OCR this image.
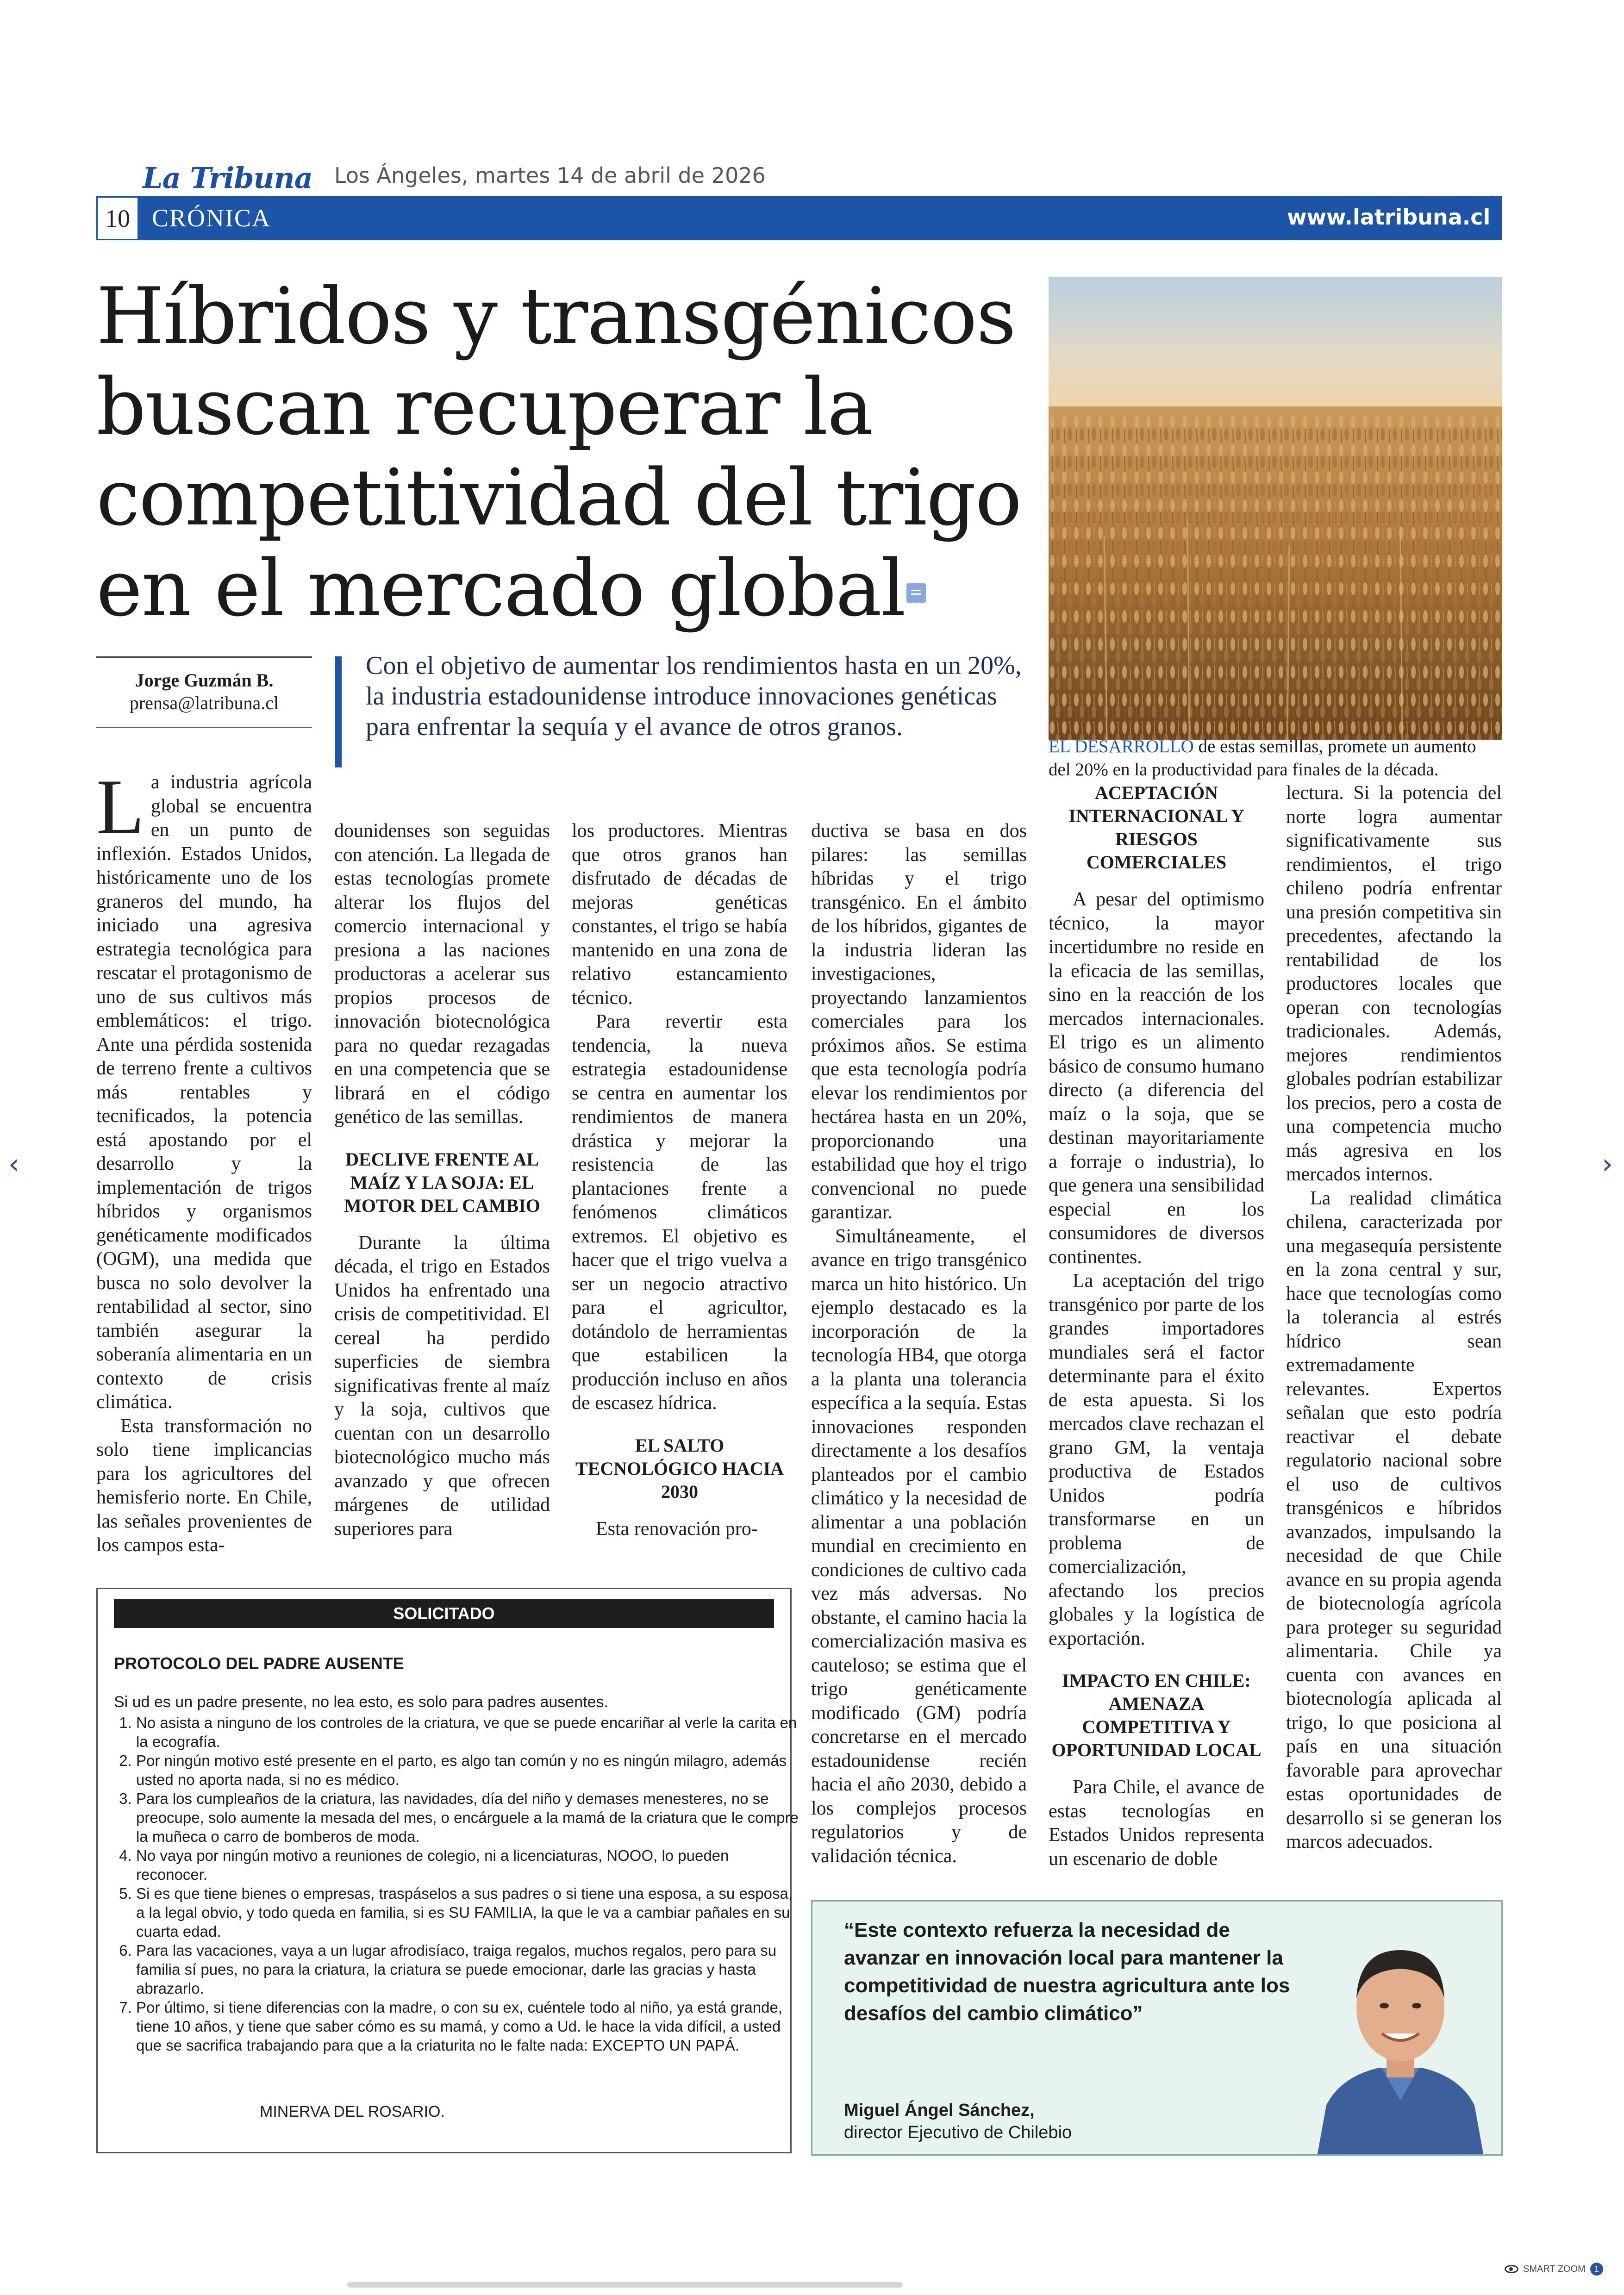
La Tribuna Los Ángeles, martes 14 de abril de 2026
10 CRÓNICA	www.latribuna.cl
Híbridos y transgénicos buscan recuperar la competitividad del trigo en el mercado global
Jorge Guzmán B.
prensa@latribuna.cl
Con el objetivo de aumentar los rendimientos hasta en un 20%, la industria estadounidense introduce innovaciones genéticas para enfrentar la sequía y el avance de otros granos.
EL DESARROLLO de estas semillas, promete un aumento del 20% en la productividad para finales de la década.

La industria agrícola global se encuentra en un punto de inflexión. Estados Unidos, históricamente uno de los graneros del mundo, ha iniciado una agresiva estrategia tecnológica para rescatar el protagonismo de uno de sus cultivos más emblemáticos: el trigo. Ante una pérdida sostenida de terreno frente a cultivos más rentables y tecnificados, la potencia está apostando por el desarrollo y la implementación de trigos híbridos y organismos genéticamente modificados (OGM), una medida que busca no solo devolver la rentabilidad al sector, sino también asegurar la soberanía alimentaria en un contexto de crisis climática.

Esta transformación no solo tiene implicancias para los agricultores del hemisferio norte. En Chile, las señales provenientes de los campos esta-

dounidenses son seguidas con atención. La llegada de estas tecnologías promete alterar los flujos del comercio internacional y presiona a las naciones productoras a acelerar sus propios procesos de innovación biotecnológica para no quedar rezagadas en una competencia que se librará en el código genético de las semillas.

DECLIVE FRENTE AL MAÍZ Y LA SOJA: EL MOTOR DEL CAMBIO

Durante la última década, el trigo en Estados Unidos ha enfrentado una crisis de competitividad. El cereal ha perdido superficies de siembra significativas frente al maíz y la soja, cultivos que cuentan con un desarrollo biotecnológico mucho más avanzado y que ofrecen márgenes de utilidad superiores para

los productores. Mientras que otros granos han disfrutado de décadas de mejoras genéticas constantes, el trigo se había mantenido en una zona de relativo estancamiento técnico.

Para revertir esta tendencia, la nueva estrategia estadounidense se centra en aumentar los rendimientos de manera drástica y mejorar la resistencia de las plantaciones frente a fenómenos climáticos extremos. El objetivo es hacer que el trigo vuelva a ser un negocio atractivo para el agricultor, dotándolo de herramientas que estabilicen la producción incluso en años de escasez hídrica.

EL SALTO TECNOLÓGICO HACIA 2030

Esta renovación pro-

ductiva se basa en dos pilares: las semillas híbridas y el trigo transgénico. En el ámbito de los híbridos, gigantes de la industria lideran las investigaciones, proyectando lanzamientos comerciales para los próximos años. Se estima que esta tecnología podría elevar los rendimientos por hectárea hasta en un 20%, proporcionando una estabilidad que hoy el trigo convencional no puede garantizar.

Simultáneamente, el avance en trigo transgénico marca un hito histórico. Un ejemplo destacado es la incorporación de la tecnología HB4, que otorga a la planta una tolerancia específica a la sequía. Estas innovaciones responden directamente a los desafíos planteados por el cambio climático y la necesidad de alimentar a una población mundial en crecimiento en condiciones de cultivo cada vez más adversas. No obstante, el camino hacia la comercialización masiva es cauteloso; se estima que el trigo genéticamente modificado (GM) podría concretarse en el mercado estadounidense recién hacia el año 2030, debido a los complejos procesos regulatorios y de validación técnica.

ACEPTACIÓN INTERNACIONAL Y RIESGOS COMERCIALES

A pesar del optimismo técnico, la mayor incertidumbre no reside en la eficacia de las semillas, sino en la reacción de los mercados internacionales. El trigo es un alimento básico de consumo humano directo (a diferencia del maíz o la soja, que se destinan mayoritariamente a forraje o industria), lo que genera una sensibilidad especial en los consumidores de diversos continentes.

La aceptación del trigo transgénico por parte de los grandes importadores mundiales será el factor determinante para el éxito de esta apuesta. Si los mercados clave rechazan el grano GM, la ventaja productiva de Estados Unidos podría transformarse en un problema de comercialización, afectando los precios globales y la logística de exportación.

IMPACTO EN CHILE: AMENAZA COMPETITIVA Y OPORTUNIDAD LOCAL

Para Chile, el avance de estas tecnologías en Estados Unidos representa un escenario de doble

lectura. Si la potencia del norte logra aumentar significativamente sus rendimientos, el trigo chileno podría enfrentar una presión competitiva sin precedentes, afectando la rentabilidad de los productores locales que operan con tecnologías tradicionales. Además, mejores rendimientos globales podrían estabilizar los precios, pero a costa de una competencia mucho más agresiva en los mercados internos.

La realidad climática chilena, caracterizada por una megasequía persistente en la zona central y sur, hace que tecnologías como la tolerancia al estrés hídrico sean extremadamente relevantes. Expertos señalan que esto podría reactivar el debate regulatorio nacional sobre el uso de cultivos transgénicos e híbridos avanzados, impulsando la necesidad de que Chile avance en su propia agenda de biotecnología agrícola para proteger su seguridad alimentaria. Chile ya cuenta con avances en biotecnología aplicada al trigo, lo que posiciona al país en una situación favorable para aprovechar estas oportunidades de desarrollo si se generan los marcos adecuados.

SOLICITADO
PROTOCOLO DEL PADRE AUSENTE
Si ud es un padre presente, no lea esto, es solo para padres ausentes.
1. No asista a ninguno de los controles de la criatura, ve que se puede encariñar al verle la carita en la ecografía.
2. Por ningún motivo esté presente en el parto, es algo tan común y no es ningún milagro, además usted no aporta nada, si no es médico.
3. Para los cumpleaños de la criatura, las navidades, día del niño y demases menesteres, no se preocupe, solo aumente la mesada del mes, o encárguele a la mamá de la criatura que le compre la muñeca o carro de bomberos de moda.
4. No vaya por ningún motivo a reuniones de colegio, ni a licenciaturas, NOOO, lo pueden reconocer.
5. Si es que tiene bienes o empresas, traspáselos a sus padres o si tiene una esposa, a su esposa, a la legal obvio, y todo queda en familia, si es SU FAMILIA, la que le va a cambiar pañales en su cuarta edad.
6. Para las vacaciones, vaya a un lugar afrodisíaco, traiga regalos, muchos regalos, pero para su familia sí pues, no para la criatura, la criatura se puede emocionar, darle las gracias y hasta abrazarlo.
7. Por último, si tiene diferencias con la madre, o con su ex, cuéntele todo al niño, ya está grande, tiene 10 años, y tiene que saber cómo es su mamá, y como a Ud. le hace la vida difícil, a usted que se sacrifica trabajando para que a la criaturita no le falte nada: EXCEPTO UN PAPÁ.
MINERVA DEL ROSARIO.
“Este contexto refuerza la necesidad de avanzar en innovación local para mantener la competitividad de nuestra agricultura ante los desafíos del cambio climático”
Miguel Ángel Sánchez,
director Ejecutivo de Chilebio
‹	›
SMART ZOOM	1
